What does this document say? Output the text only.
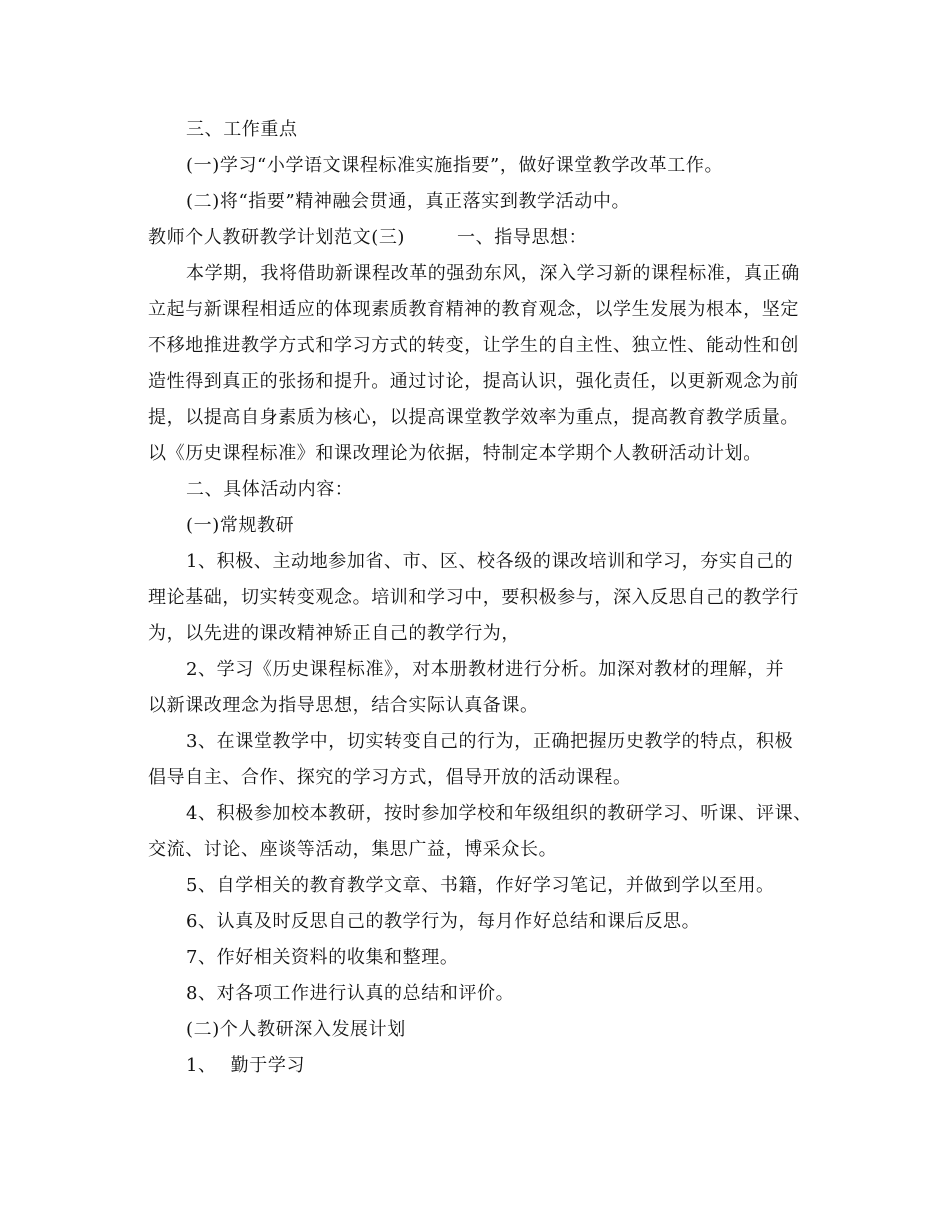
三、工作重点
(一)学习“小学语文课程标准实施指要”，做好课堂教学改革工作。
(二)将“指要”精神融会贯通，真正落实到教学活动中。
教师个人教研教学计划范文(三)	一、指导思想：
本学期，我将借助新课程改革的强劲东风，深入学习新的课程标准，真正确
立起与新课程相适应的体现素质教育精神的教育观念，以学生发展为根本，坚定
不移地推进教学方式和学习方式的转变，让学生的自主性、独立性、能动性和创
造性得到真正的张扬和提升。通过讨论，提高认识，强化责任，以更新观念为前
提，以提高自身素质为核心，以提高课堂教学效率为重点，提高教育教学质量。
以《历史课程标准》和课改理论为依据，特制定本学期个人教研活动计划。
二、具体活动内容：
(一)常规教研
1、积极、主动地参加省、市、区、校各级的课改培训和学习，夯实自己的
理论基础，切实转变观念。培训和学习中，要积极参与，深入反思自己的教学行
为，以先进的课改精神矫正自己的教学行为，
2、学习《历史课程标准》，对本册教材进行分析。加深对教材的理解，并
以新课改理念为指导思想，结合实际认真备课。
3、在课堂教学中，切实转变自己的行为，正确把握历史教学的特点，积极
倡导自主、合作、探究的学习方式，倡导开放的活动课程。
4、积极参加校本教研，按时参加学校和年级组织的教研学习、听课、评课、
交流、讨论、座谈等活动，集思广益，博采众长。
5、自学相关的教育教学文章、书籍，作好学习笔记，并做到学以至用。
6、认真及时反思自己的教学行为，每月作好总结和课后反思。
7、作好相关资料的收集和整理。
8、对各项工作进行认真的总结和评价。
(二)个人教研深入发展计划
1、 勤于学习
